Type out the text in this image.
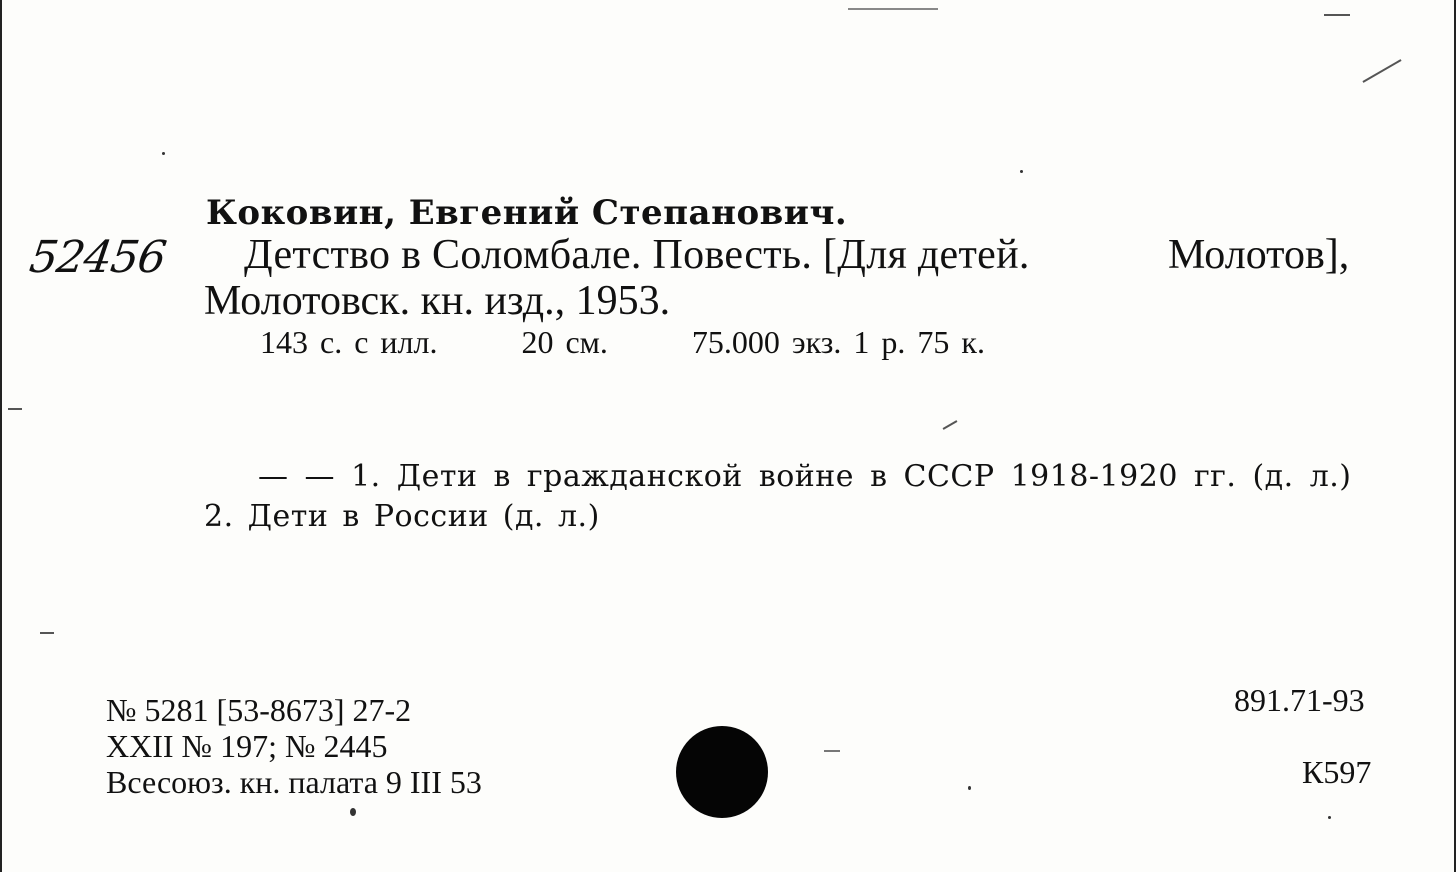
52456
Коковин, Евгений Степанович.
Детство в Соломбале. Повесть. [Для детей.	Молотов],
Молотовск. кн. изд., 1953.
143 с. с илл.	20 см.	75.000 экз. 1 р. 75 к.
— — 1. Дети в гражданской войне в СССР 1918-1920 гг. (д. л.)
2. Дети в России (д. л.)
№ 5281 [53-8673] 27-2
XXII № 197; № 2445
Всесоюз. кн. палата 9 III 53
891.71-93
К597
